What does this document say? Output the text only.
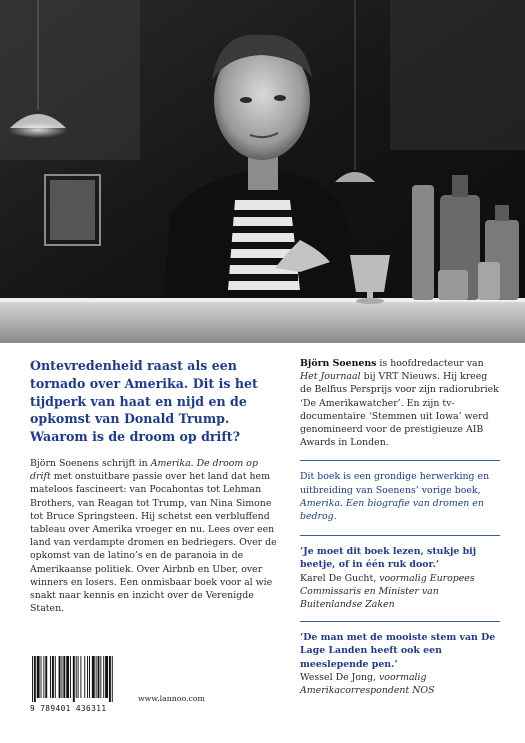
Ontevredenheid raast als een tornado over Amerika. Dit is het tijdperk van haat en nijd en de opkomst van Donald Trump. Waarom is de droom op drift?

Björn Soenens schrijft in Amerika. De droom op drift met onstuitbare passie over het land dat hem mateloos fascineert: van Pocahontas tot Lehman Brothers, van Reagan tot Trump, van Nina Simone tot Bruce Springsteen. Hij schetst een verbluffend tableau over Amerika vroeger en nu. Lees over een land van verdampte dromen en bedriegers. Over de opkomst van de latino’s en de paranoia in de Amerikaanse politiek. Over Airbnb en Uber, over winners en losers. Een onmisbaar boek voor al wie snakt naar kennis en inzicht over de Verenigde Staten.

Björn Soenens is hoofdredacteur van Het Journaal bij VRT Nieuws. Hij kreeg de Belfius Persprijs voor zijn radiorubriek ‘De Amerikawatcher’. En zijn tv-documentaire ‘Stemmen uit Iowa’ werd genomineerd voor de prestigieuze AIB Awards in Londen.

Dit boek is een grondige herwerking en uitbreiding van Soenens’ vorige boek, Amerika. Een biografie van dromen en bedrog.

‘Je moet dit boek lezen, stukje bij beetje, of in één ruk door.’
Karel De Gucht, voormalig Europees Commissaris en Minister van Buitenlandse Zaken

‘De man met de mooiste stem van De Lage Landen heeft ook een meeslepende pen.’
Wessel De Jong, voormalig Amerikacorrespondent NOS

9 789401 436311
www.lannoo.com
